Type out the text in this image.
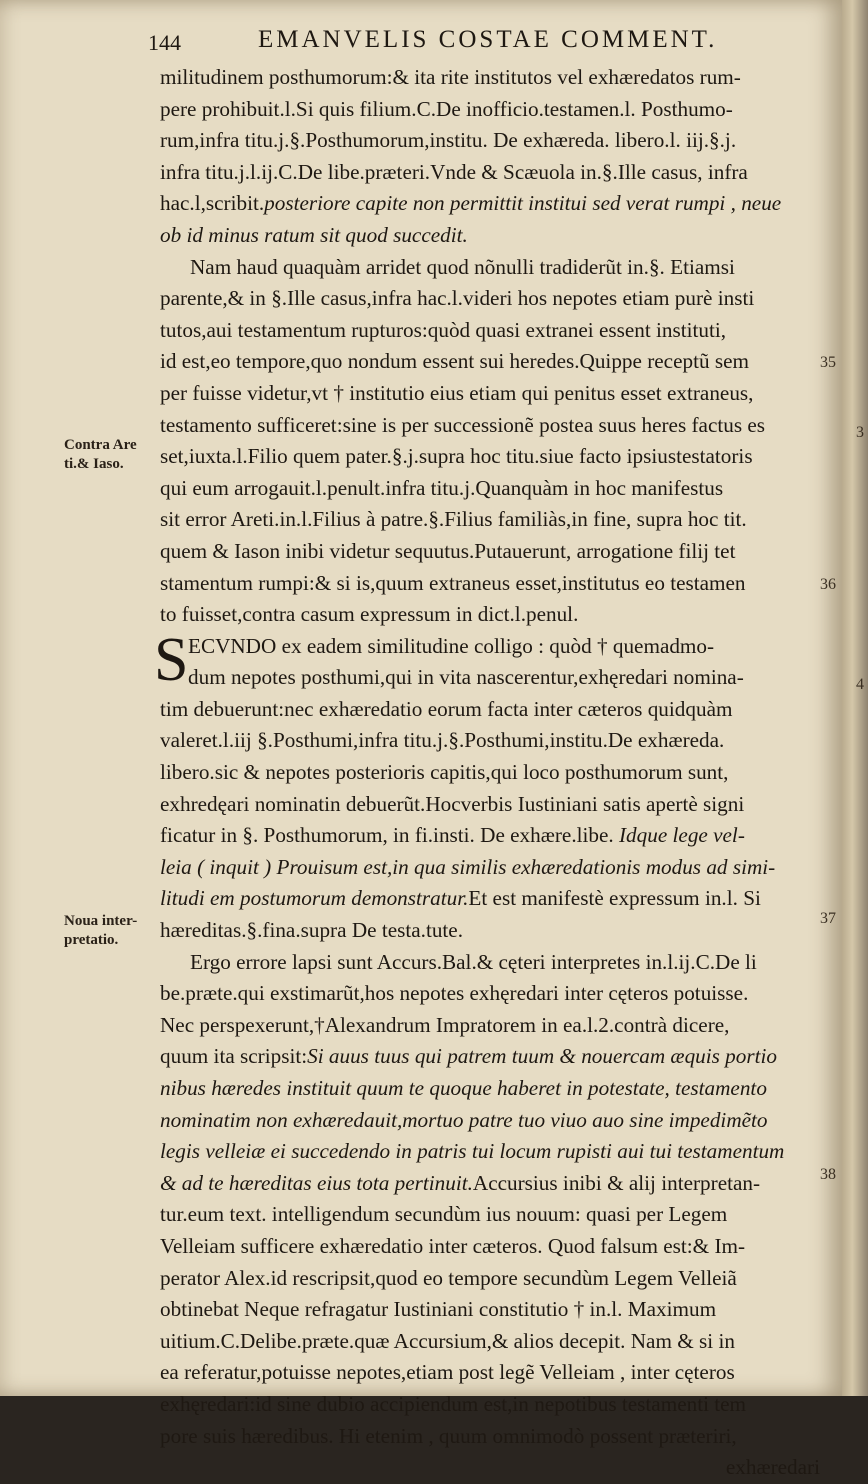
144	EMANVELIS COSTAE COMMENT.
Contra Are ti.& Iaso.
Noua inter- pretatio.
35
36
37
38
3
4
militudinem posthumorum:& ita rite institutos vel exhæredatos rum-
pere prohibuit.l.Si quis filium.C.De inofficio.testamen.l. Posthumo-
rum,infra titu.j.§.Posthumorum,institu. De exhæreda. libero.l. iij.§.j.
infra titu.j.l.ij.C.De libe.præteri.Vnde & Scæuola in.§.Ille casus, infra
hac.l,scribit.posteriore capite non permittit institui sed verat rumpi , neue
ob id minus ratum sit quod succedit.
Nam haud quaquàm arridet quod nõnulli tradiderũt in.§. Etiamsi
parente,& in §.Ille casus,infra hac.l.videri hos nepotes etiam purè insti
tutos,aui testamentum rupturos:quòd quasi extranei essent instituti,
id est,eo tempore,quo nondum essent sui heredes.Quippe receptũ sem
per fuisse videtur,vt † institutio eius etiam qui penitus esset extraneus,
testamento sufficeret:sine is per successionẽ postea suus heres factus es
set,iuxta.l.Filio quem pater.§.j.supra hoc titu.siue facto ipsiustestatoris
qui eum arrogauit.l.penult.infra titu.j.Quanquàm in hoc manifestus
sit error Areti.in.l.Filius à patre.§.Filius familiàs,in fine, supra hoc tit.
quem & Iason inibi videtur sequutus.Putauerunt, arrogatione filij tet
stamentum rumpi:& si is,quum extraneus esset,institutus eo testamen
to fuisset,contra casum expressum in dict.l.penul.
S ECVNDO ex eadem similitudine colligo : quòd † quemadmo-
dum nepotes posthumi,qui in vita nascerentur,exhęredari nomina-
tim debuerunt:nec exhæredatio eorum facta inter cæteros quidquàm
valeret.l.iij §.Posthumi,infra titu.j.§.Posthumi,institu.De exhæreda.
libero.sic & nepotes posterioris capitis,qui loco posthumorum sunt,
exhredęari nominatin debuerũt.Hocverbis Iustiniani satis apertè signi
ficatur in §. Posthumorum, in fi.insti. De exhære.libe. Idque lege vel-
leia ( inquit ) Prouisum est,in qua similis exhæredationis modus ad simi-
litudi em postumorum demonstratur.Et est manifestè expressum in.l. Si
hæreditas.§.fina.supra De testa.tute.
Ergo errore lapsi sunt Accurs.Bal.& cęteri interpretes in.l.ij.C.De li
be.præte.qui exstimarũt,hos nepotes exhęredari inter cęteros potuisse.
Nec perspexerunt,†Alexandrum Impratorem in ea.l.2.contrà dicere,
quum ita scripsit:Si auus tuus qui patrem tuum & nouercam æquis portio
nibus hæredes instituit quum te quoque haberet in potestate, testamento
nominatim non exhæredauit,mortuo patre tuo viuo auo sine impedimẽto
legis velleiæ ei succedendo in patris tui locum rupisti aui tui testamentum
& ad te hæreditas eius tota pertinuit.Accursius inibi & alij interpretan-
tur.eum text. intelligendum secundùm ius nouum: quasi per Legem
Velleiam sufficere exhæredatio inter cæteros. Quod falsum est:& Im-
perator Alex.id rescripsit,quod eo tempore secundùm Legem Velleiã
obtinebat Neque refragatur Iustiniani constitutio † in.l. Maximum
uitium.C.Delibe.præte.quæ Accursium,& alios decepit. Nam & si in
ea referatur,potuisse nepotes,etiam post legẽ Velleiam , inter cęteros
exhęredari:id sine dubio accipiendum est,in nepotibus testamenti tem
pore suis hæredibus. Hi etenim , quum omnimodò possent præteriri,
exhæredari
